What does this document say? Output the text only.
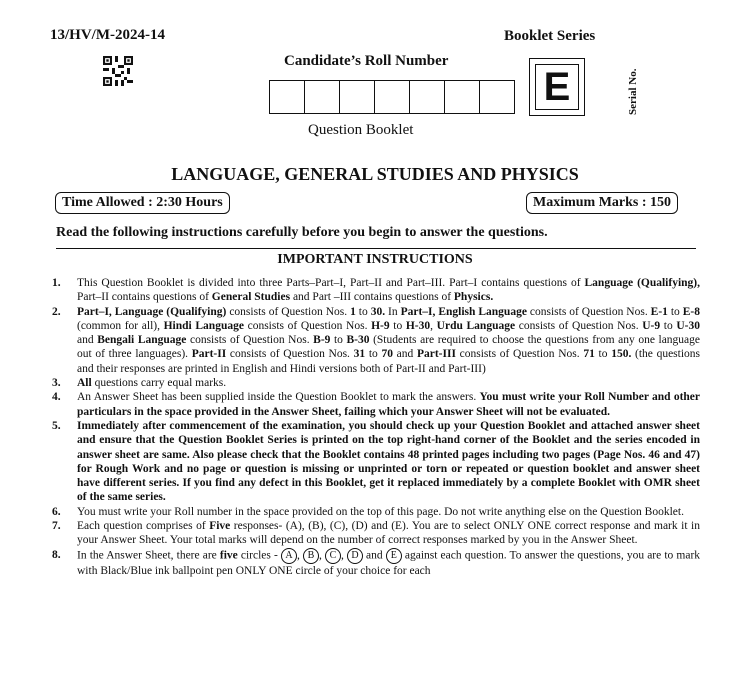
13/HV/M-2024-14	Booklet Series
Candidate’s Roll Number
Question Booklet
E	Serial No.
LANGUAGE, GENERAL STUDIES AND PHYSICS
Time Allowed : 2:30 Hours	Maximum Marks : 150
Read the following instructions carefully before you begin to answer the questions.
IMPORTANT INSTRUCTIONS
1.	This Question Booklet is divided into three Parts–Part–I, Part–II and Part–III. Part–I contains questions of Language (Qualifying), Part–II contains questions of General Studies and Part –III contains questions of Physics.
2.	Part–I, Language (Qualifying) consists of Question Nos. 1 to 30. In Part–I, English Language consists of Question Nos. E-1 to E-8 (common for all), Hindi Language consists of Question Nos. H-9 to H-30, Urdu Language consists of Question Nos. U-9 to U-30 and Bengali Language consists of Question Nos. B-9 to B-30 (Students are required to choose the questions from any one language out of three languages). Part-II consists of Question Nos. 31 to 70 and Part-III consists of Question Nos. 71 to 150. (the questions and their responses are printed in English and Hindi versions both of Part-II and Part-III)
3.	All questions carry equal marks.
4.	An Answer Sheet has been supplied inside the Question Booklet to mark the answers. You must write your Roll Number and other particulars in the space provided in the Answer Sheet, failing which your Answer Sheet will not be evaluated.
5.	Immediately after commencement of the examination, you should check up your Question Booklet and attached answer sheet and ensure that the Question Booklet Series is printed on the top right-hand corner of the Booklet and the series encoded in answer sheet are same. Also please check that the Booklet contains 48 printed pages including two pages (Page Nos. 46 and 47) for Rough Work and no page or question is missing or unprinted or torn or repeated or question booklet and answer sheet have different series. If you find any defect in this Booklet, get it replaced immediately by a complete Booklet with OMR sheet of the same series.
6.	You must write your Roll number in the space provided on the top of this page. Do not write anything else on the Question Booklet.
7.	Each question comprises of Five responses- (A), (B), (C), (D) and (E). You are to select ONLY ONE correct response and mark it in your Answer Sheet. Your total marks will depend on the number of correct responses marked by you in the Answer Sheet.
8.	In the Answer Sheet, there are five circles - A , B , C , D and E against each question. To answer the questions, you are to mark with Black/Blue ink ballpoint pen ONLY ONE circle of your choice for each
